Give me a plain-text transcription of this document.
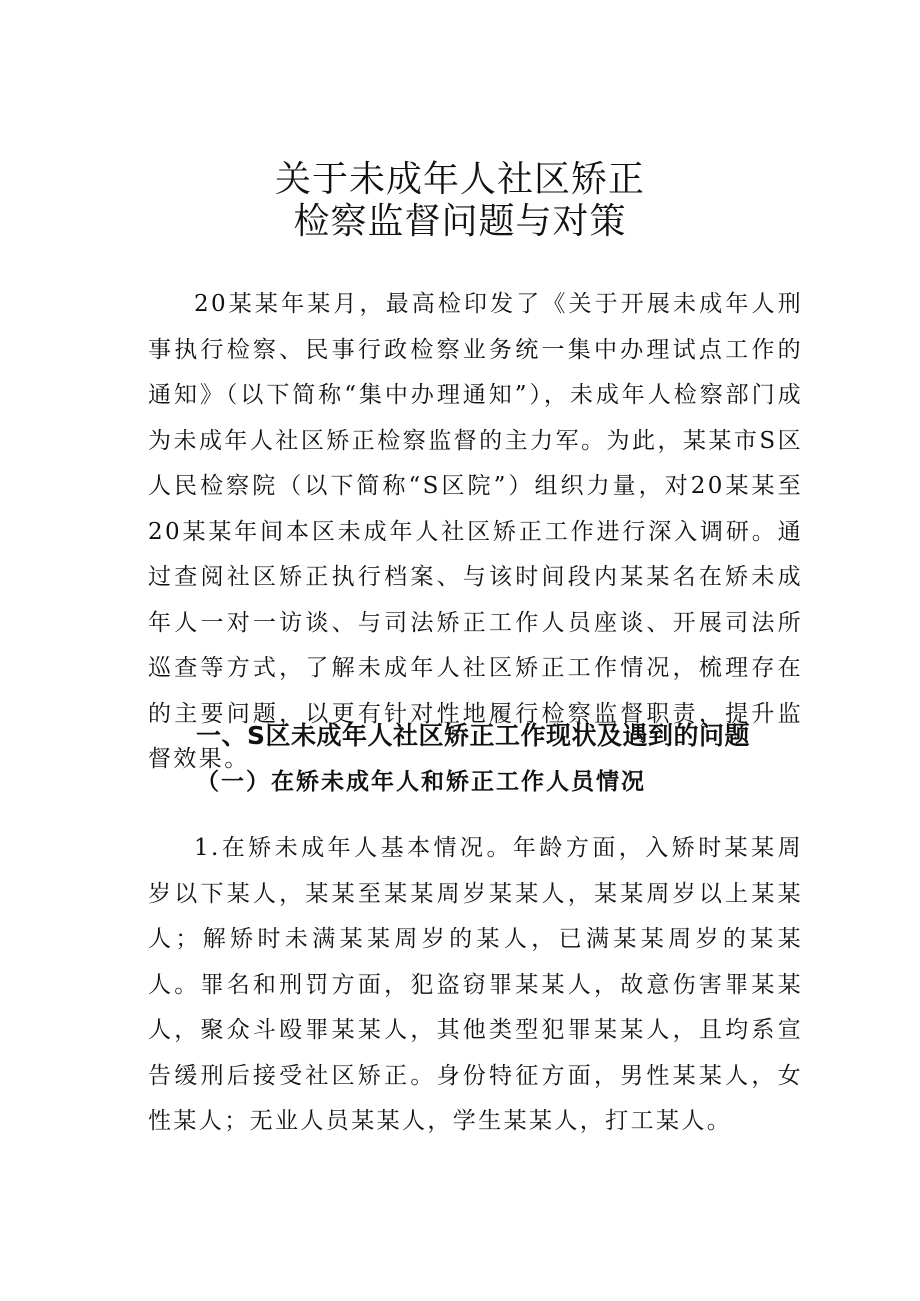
关于未成年人社区矫正
检察监督问题与对策

20某某年某月，最高检印发了《关于开展未成年人刑事执行检察、民事行政检察业务统一集中办理试点工作的通知》（以下简称“集中办理通知”），未成年人检察部门成为未成年人社区矫正检察监督的主力军。为此，某某市S区人民检察院（以下简称“S区院”）组织力量，对20某某至20某某年间本区未成年人社区矫正工作进行深入调研。通过查阅社区矫正执行档案、与该时间段内某某名在矫未成年人一对一访谈、与司法矫正工作人员座谈、开展司法所巡查等方式，了解未成年人社区矫正工作情况，梳理存在的主要问题，以更有针对性地履行检察监督职责，提升监督效果。

一、S区未成年人社区矫正工作现状及遇到的问题
（一）在矫未成年人和矫正工作人员情况

1.在矫未成年人基本情况。年龄方面，入矫时某某周岁以下某人，某某至某某周岁某某人，某某周岁以上某某人；解矫时未满某某周岁的某人，已满某某周岁的某某人。罪名和刑罚方面，犯盗窃罪某某人，故意伤害罪某某人，聚众斗殴罪某某人，其他类型犯罪某某人，且均系宣告缓刑后接受社区矫正。身份特征方面，男性某某人，女性某人；无业人员某某人，学生某某人，打工某人。
